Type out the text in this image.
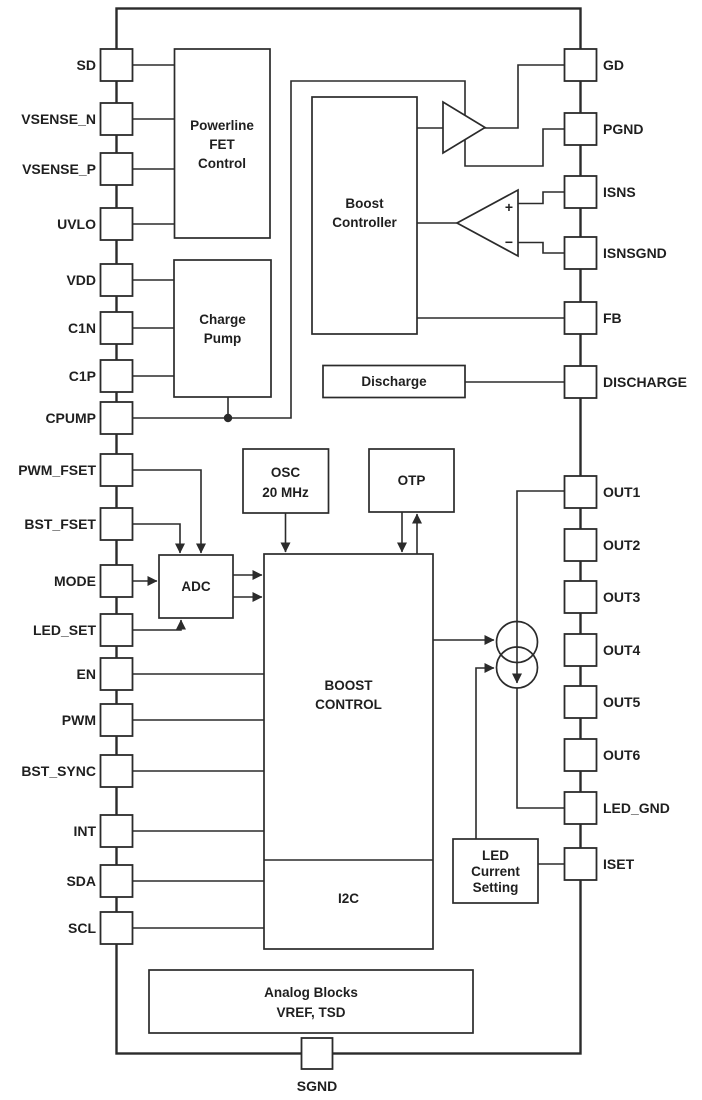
Powerline
FET
Control
Charge
Pump
Boost
Controller
Discharge
OSC
20 MHz
OTP
ADC
BOOST
CONTROL
I2C
LED
Current
Setting
Analog Blocks
VREF, TSD
+
−
SD
VSENSE_N
VSENSE_P
UVLO
VDD
C1N
C1P
CPUMP
PWM_FSET
BST_FSET
MODE
LED_SET
EN
PWM
BST_SYNC
INT
SDA
SCL
GD
PGND
ISNS
ISNSGND
FB
DISCHARGE
OUT1
OUT2
OUT3
OUT4
OUT5
OUT6
LED_GND
ISET
SGND
